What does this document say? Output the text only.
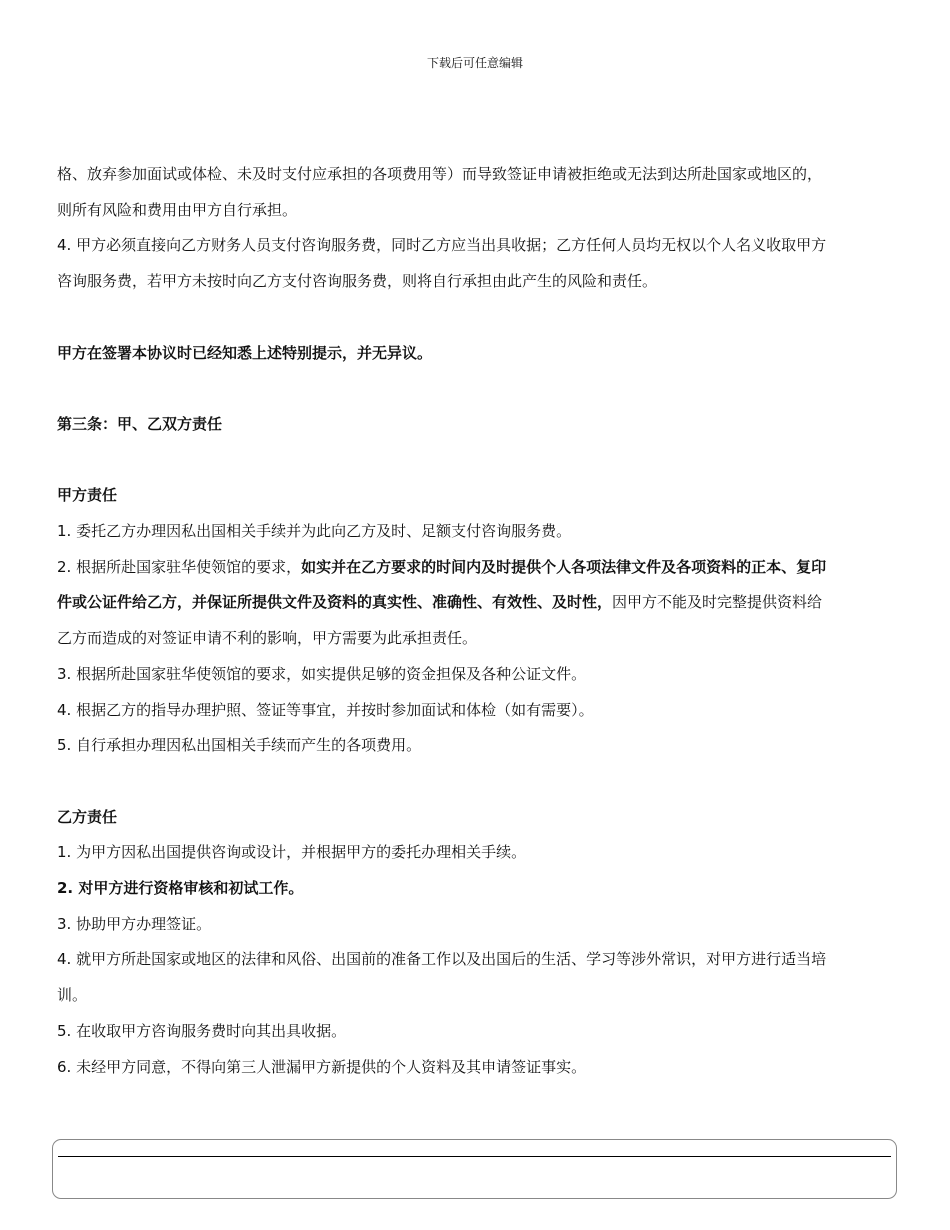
下载后可任意编辑
格、放弃参加面试或体检、未及时支付应承担的各项费用等）而导致签证申请被拒绝或无法到达所赴国家或地区的，
则所有风险和费用由甲方自行承担。
4. 甲方必须直接向乙方财务人员支付咨询服务费，同时乙方应当出具收据；乙方任何人员均无权以个人名义收取甲方
咨询服务费，若甲方未按时向乙方支付咨询服务费，则将自行承担由此产生的风险和责任。
甲方在签署本协议时已经知悉上述特别提示，并无异议。
第三条：甲、乙双方责任
甲方责任
1. 委托乙方办理因私出国相关手续并为此向乙方及时、足额支付咨询服务费。
2. 根据所赴国家驻华使领馆的要求，如实并在乙方要求的时间内及时提供个人各项法律文件及各项资料的正本、复印
件或公证件给乙方，并保证所提供文件及资料的真实性、准确性、有效性、及时性，因甲方不能及时完整提供资料给
乙方而造成的对签证申请不利的影响，甲方需要为此承担责任。
3. 根据所赴国家驻华使领馆的要求，如实提供足够的资金担保及各种公证文件。
4. 根据乙方的指导办理护照、签证等事宜，并按时参加面试和体检（如有需要）。
5. 自行承担办理因私出国相关手续而产生的各项费用。
乙方责任
1. 为甲方因私出国提供咨询或设计，并根据甲方的委托办理相关手续。
2. 对甲方进行资格审核和初试工作。
3. 协助甲方办理签证。
4. 就甲方所赴国家或地区的法律和风俗、出国前的准备工作以及出国后的生活、学习等涉外常识，对甲方进行适当培
训。
5. 在收取甲方咨询服务费时向其出具收据。
6. 未经甲方同意，不得向第三人泄漏甲方新提供的个人资料及其申请签证事实。
